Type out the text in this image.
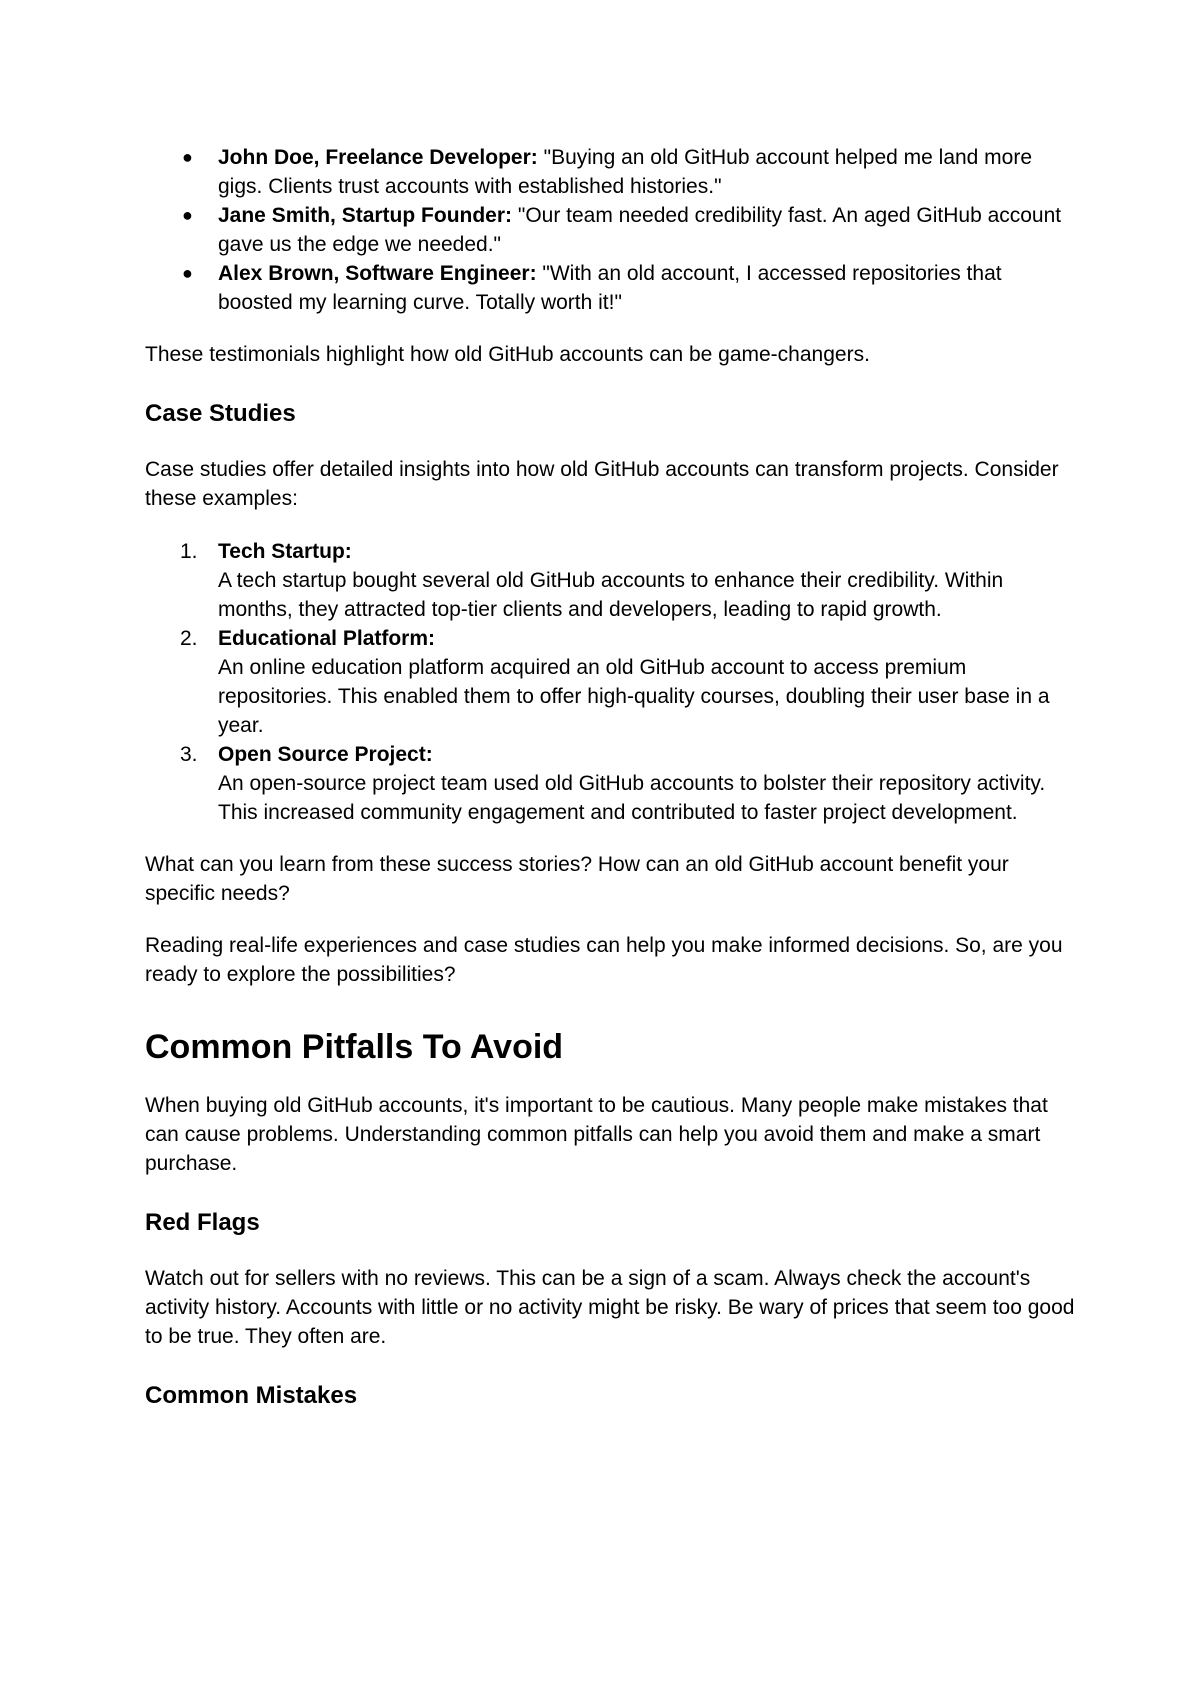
● John Doe, Freelance Developer: "Buying an old GitHub account helped me land more gigs. Clients trust accounts with established histories."
● Jane Smith, Startup Founder: "Our team needed credibility fast. An aged GitHub account gave us the edge we needed."
● Alex Brown, Software Engineer: "With an old account, I accessed repositories that boosted my learning curve. Totally worth it!"

These testimonials highlight how old GitHub accounts can be game-changers.

Case Studies

Case studies offer detailed insights into how old GitHub accounts can transform projects. Consider these examples:

1. Tech Startup:
A tech startup bought several old GitHub accounts to enhance their credibility. Within months, they attracted top-tier clients and developers, leading to rapid growth.
2. Educational Platform:
An online education platform acquired an old GitHub account to access premium repositories. This enabled them to offer high-quality courses, doubling their user base in a year.
3. Open Source Project:
An open-source project team used old GitHub accounts to bolster their repository activity. This increased community engagement and contributed to faster project development.

What can you learn from these success stories? How can an old GitHub account benefit your specific needs?

Reading real-life experiences and case studies can help you make informed decisions. So, are you ready to explore the possibilities?

Common Pitfalls To Avoid

When buying old GitHub accounts, it's important to be cautious. Many people make mistakes that can cause problems. Understanding common pitfalls can help you avoid them and make a smart purchase.

Red Flags

Watch out for sellers with no reviews. This can be a sign of a scam. Always check the account's activity history. Accounts with little or no activity might be risky. Be wary of prices that seem too good to be true. They often are.

Common Mistakes
